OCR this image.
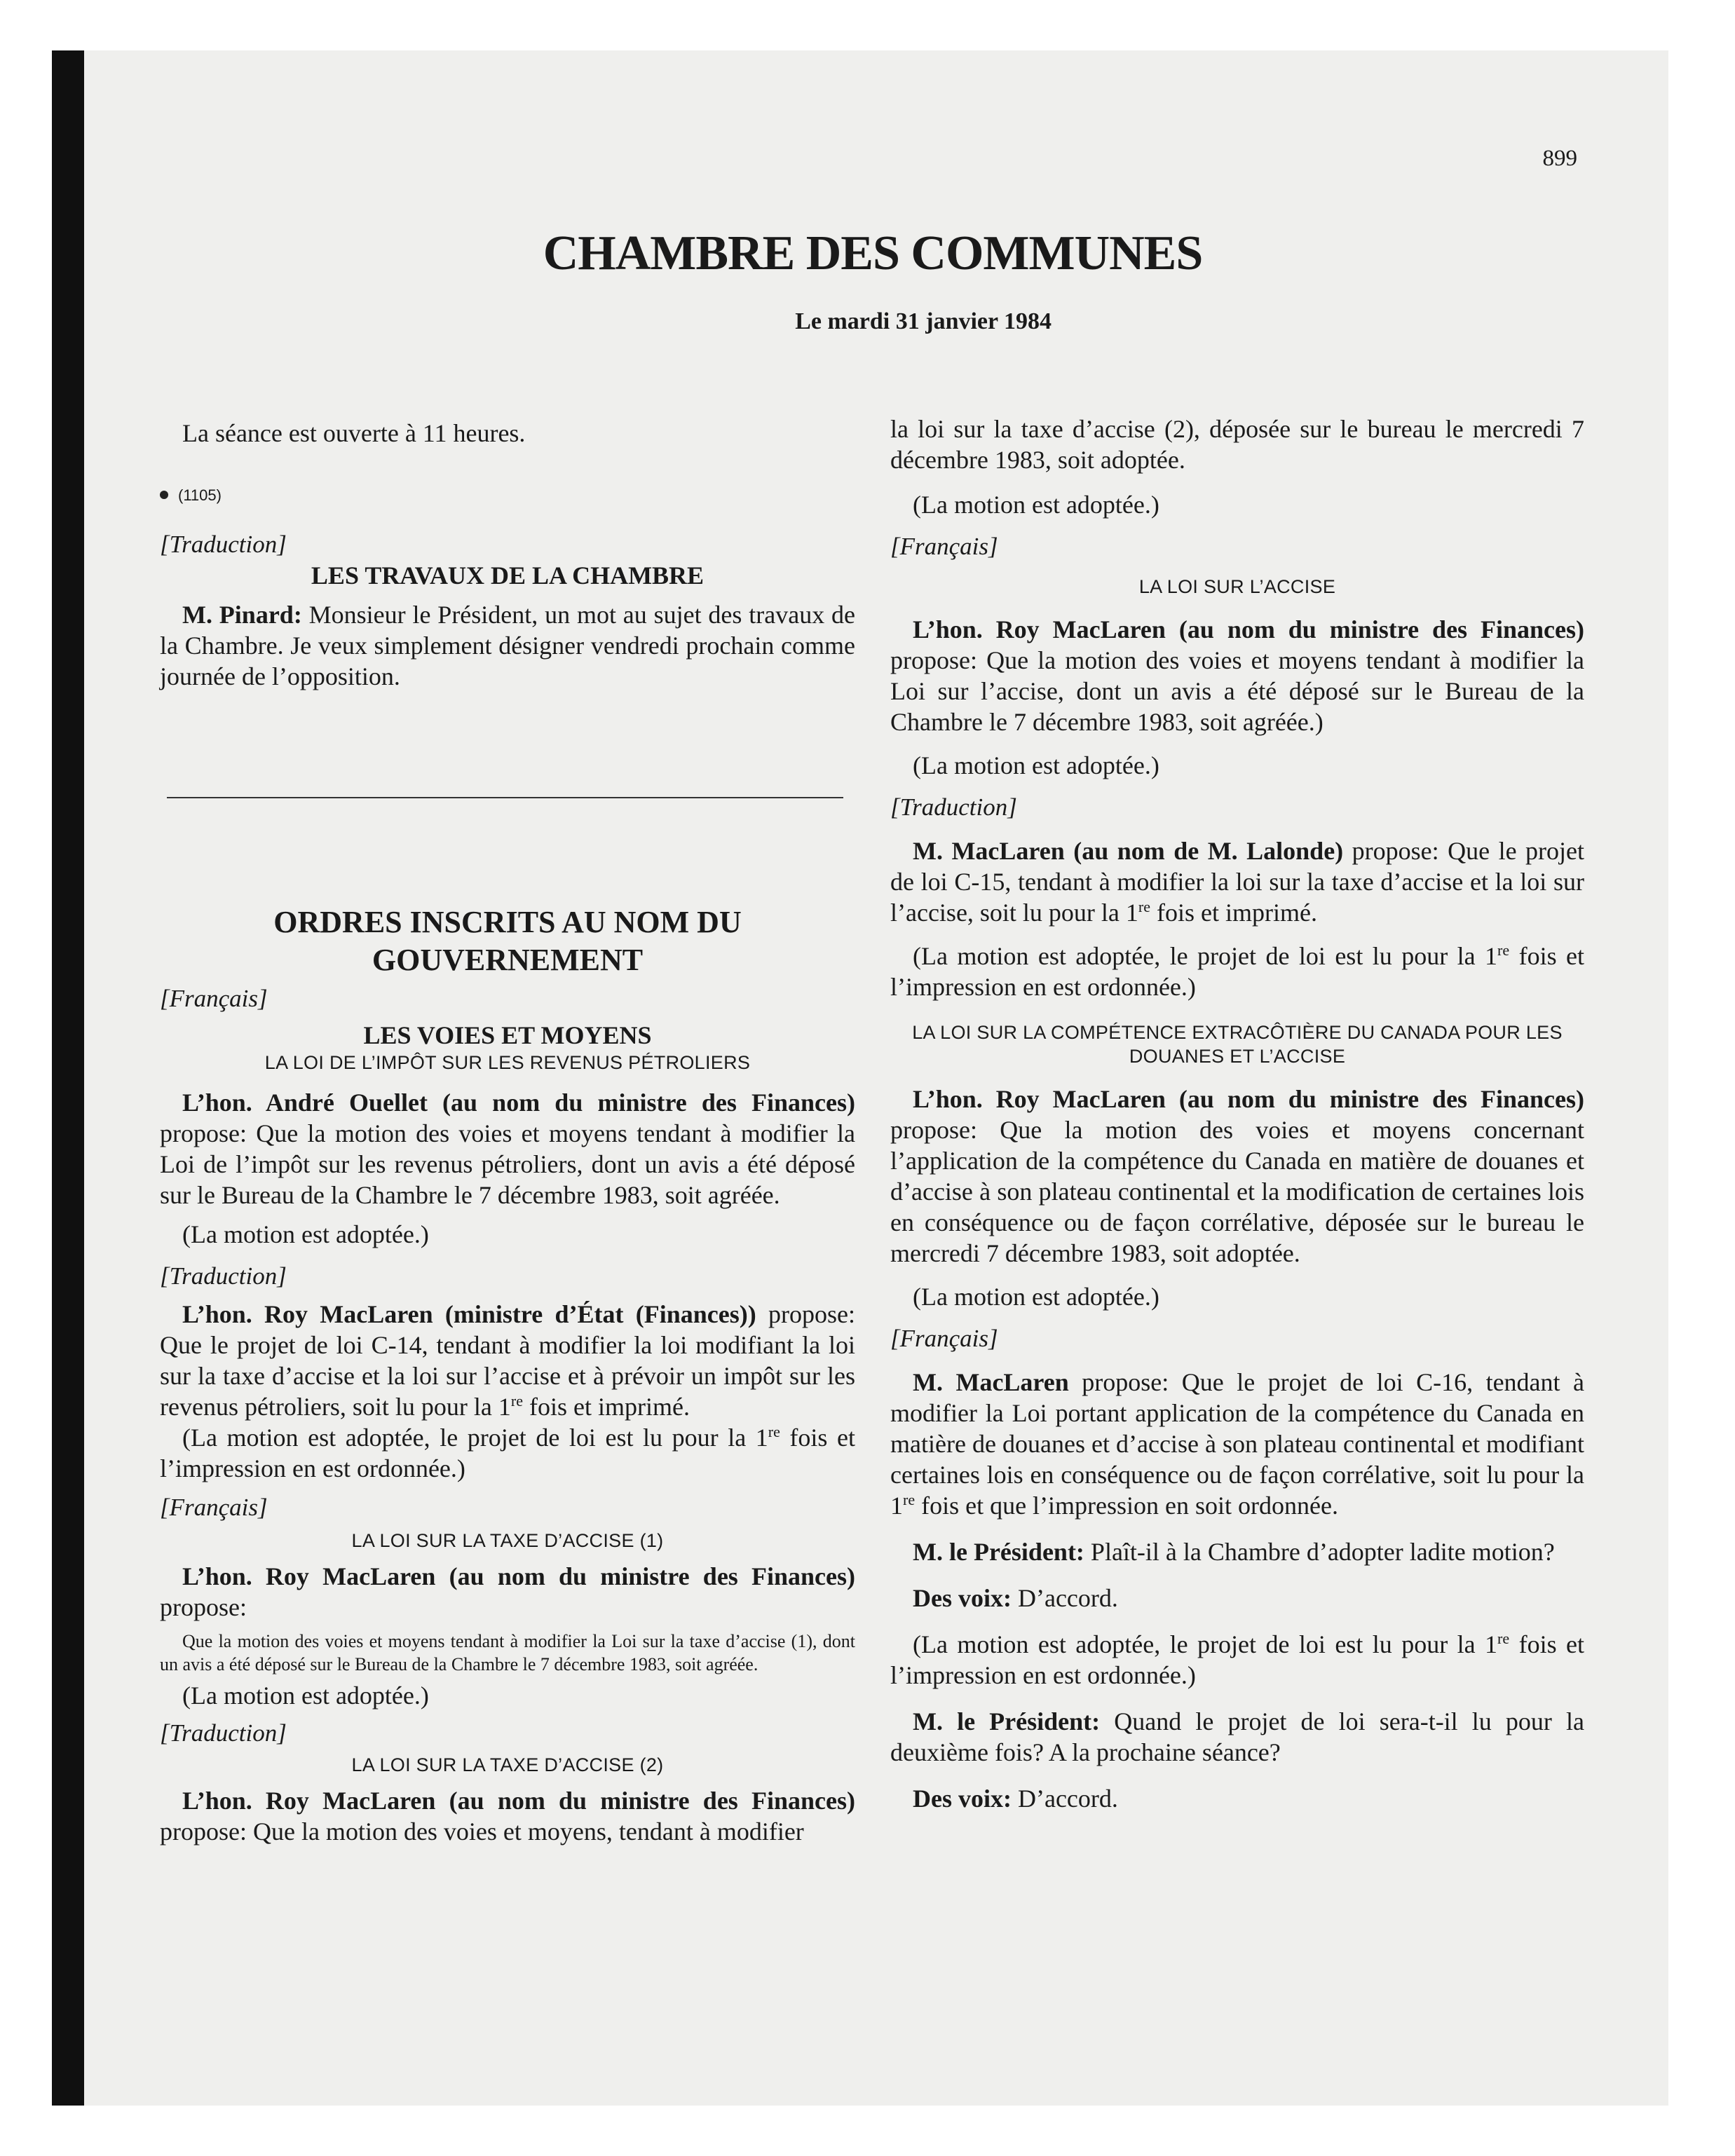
899
CHAMBRE DES COMMUNES
Le mardi 31 janvier 1984

La séance est ouverte à 11 heures.

(1105)

[Traduction]

LES TRAVAUX DE LA CHAMBRE

M. Pinard: Monsieur le Président, un mot au sujet des travaux de la Chambre. Je veux simplement désigner vendredi prochain comme journée de l’opposition.

ORDRES INSCRITS AU NOM DU GOUVERNEMENT

[Français]

LES VOIES ET MOYENS

LA LOI DE L’IMPÔT SUR LES REVENUS PÉTROLIERS

L’hon. André Ouellet (au nom du ministre des Finances) propose: Que la motion des voies et moyens tendant à modifier la Loi de l’impôt sur les revenus pétroliers, dont un avis a été déposé sur le Bureau de la Chambre le 7 décembre 1983, soit agréée.

(La motion est adoptée.)

[Traduction]

L’hon. Roy MacLaren (ministre d’État (Finances)) propose: Que le projet de loi C-14, tendant à modifier la loi modifiant la loi sur la taxe d’accise et la loi sur l’accise et à prévoir un impôt sur les revenus pétroliers, soit lu pour la 1re fois et imprimé.

(La motion est adoptée, le projet de loi est lu pour la 1re fois et l’impression en est ordonnée.)

[Français]

LA LOI SUR LA TAXE D’ACCISE (1)

L’hon. Roy MacLaren (au nom du ministre des Finances) propose:

Que la motion des voies et moyens tendant à modifier la Loi sur la taxe d’accise (1), dont un avis a été déposé sur le Bureau de la Chambre le 7 décembre 1983, soit agréée.

(La motion est adoptée.)

[Traduction]

LA LOI SUR LA TAXE D’ACCISE (2)

L’hon. Roy MacLaren (au nom du ministre des Finances) propose: Que la motion des voies et moyens, tendant à modifier

la loi sur la taxe d’accise (2), déposée sur le bureau le mercredi 7 décembre 1983, soit adoptée.

(La motion est adoptée.)

[Français]

LA LOI SUR L’ACCISE

L’hon. Roy MacLaren (au nom du ministre des Finances) propose: Que la motion des voies et moyens tendant à modifier la Loi sur l’accise, dont un avis a été déposé sur le Bureau de la Chambre le 7 décembre 1983, soit agréée.)

(La motion est adoptée.)

[Traduction]

M. MacLaren (au nom de M. Lalonde) propose: Que le projet de loi C-15, tendant à modifier la loi sur la taxe d’accise et la loi sur l’accise, soit lu pour la 1re fois et imprimé.

(La motion est adoptée, le projet de loi est lu pour la 1re fois et l’impression en est ordonnée.)

LA LOI SUR LA COMPÉTENCE EXTRACÔTIÈRE DU CANADA POUR LES DOUANES ET L’ACCISE

L’hon. Roy MacLaren (au nom du ministre des Finances) propose: Que la motion des voies et moyens concernant l’application de la compétence du Canada en matière de douanes et d’accise à son plateau continental et la modification de certaines lois en conséquence ou de façon corrélative, déposée sur le bureau le mercredi 7 décembre 1983, soit adoptée.

(La motion est adoptée.)

[Français]

M. MacLaren propose: Que le projet de loi C-16, tendant à modifier la Loi portant application de la compétence du Canada en matière de douanes et d’accise à son plateau continental et modifiant certaines lois en conséquence ou de façon corrélative, soit lu pour la 1re fois et que l’impression en soit ordonnée.

M. le Président: Plaît-il à la Chambre d’adopter ladite motion?

Des voix: D’accord.

(La motion est adoptée, le projet de loi est lu pour la 1re fois et l’impression en est ordonnée.)

M. le Président: Quand le projet de loi sera-t-il lu pour la deuxième fois? A la prochaine séance?

Des voix: D’accord.
